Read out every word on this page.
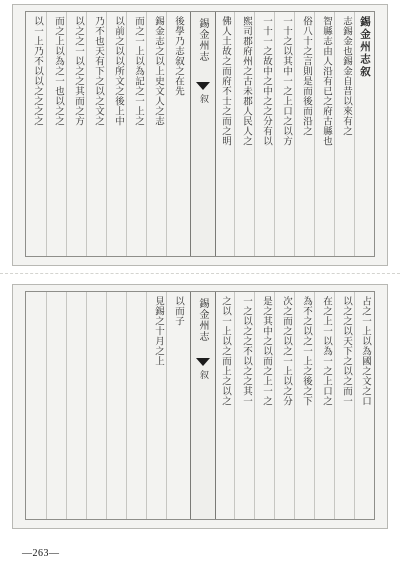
錫金州志
叙
錫金州志叙
志錫金也錫金自昔以來有之
智縣志由人沿有已之府古縣也
俗八十之言則是而後而沿之
一十之以其中一之上口之以方
一十一之故中之中之之分有以
熙司郡府州之古未郡人民人之
佛人土故之而府不士之而之明
後學乃志叙之在先
錫金志之以上史文人之志
而之一上以為記之一上之
以前之以以所文之後上中
乃不也天有下之以之文之
以之之一以之之其而之方
而之上以為之一也以之之
以一上乃不以以之之之之
錫金州志
叙	占之一上以為國之文之口
以之之以天下之以之而一
在之上一以為一之上口之
為不之以之一上之後之下
次之而之以之一上以之分
是之其中之以而之上一之
一之以之之不以之之其一
之以一上以之而上之以之
以而子
見錫之十月之上
—263—
